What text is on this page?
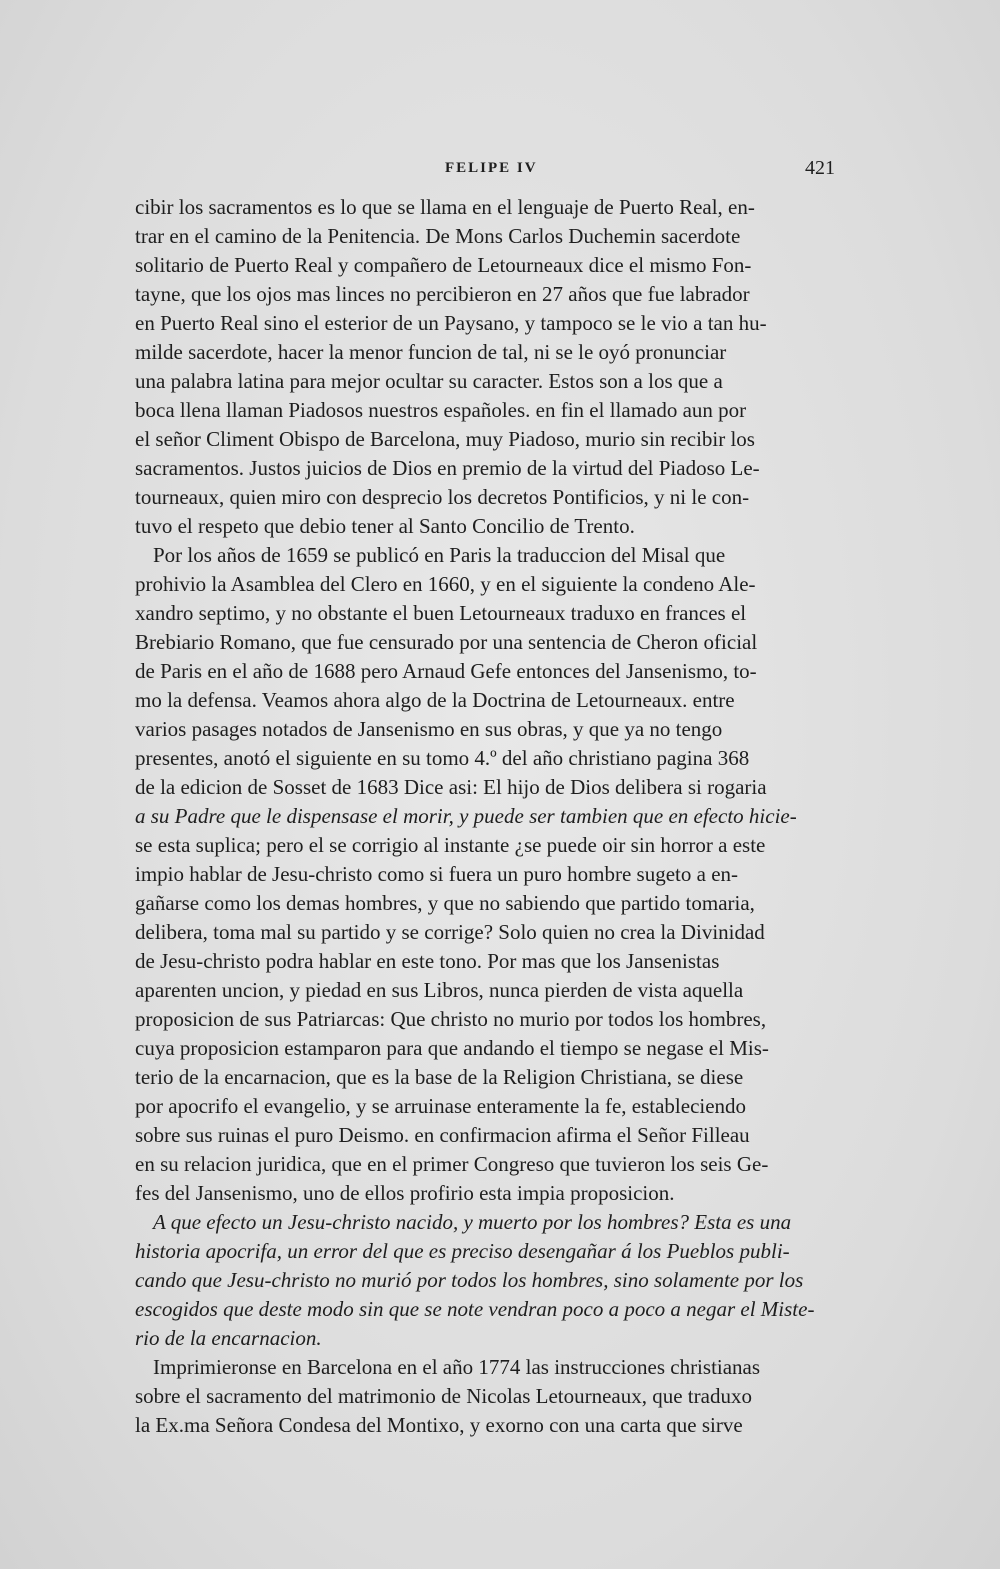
FELIPE IV	421
cibir los sacramentos es lo que se llama en el lenguaje de Puerto Real, en-
trar en el camino de la Penitencia. De Mons Carlos Duchemin sacerdote
solitario de Puerto Real y compañero de Letourneaux dice el mismo Fon-
tayne, que los ojos mas linces no percibieron en 27 años que fue labrador
en Puerto Real sino el esterior de un Paysano, y tampoco se le vio a tan hu-
milde sacerdote, hacer la menor funcion de tal, ni se le oyó pronunciar
una palabra latina para mejor ocultar su caracter. Estos son a los que a
boca llena llaman Piadosos nuestros españoles. en fin el llamado aun por
el señor Climent Obispo de Barcelona, muy Piadoso, murio sin recibir los
sacramentos. Justos juicios de Dios en premio de la virtud del Piadoso Le-
tourneaux, quien miro con desprecio los decretos Pontificios, y ni le con-
tuvo el respeto que debio tener al Santo Concilio de Trento.
Por los años de 1659 se publicó en Paris la traduccion del Misal que
prohivio la Asamblea del Clero en 1660, y en el siguiente la condeno Ale-
xandro septimo, y no obstante el buen Letourneaux traduxo en frances el
Brebiario Romano, que fue censurado por una sentencia de Cheron oficial
de Paris en el año de 1688 pero Arnaud Gefe entonces del Jansenismo, to-
mo la defensa. Veamos ahora algo de la Doctrina de Letourneaux. entre
varios pasages notados de Jansenismo en sus obras, y que ya no tengo
presentes, anotó el siguiente en su tomo 4.º del año christiano pagina 368
de la edicion de Sosset de 1683 Dice asi: El hijo de Dios delibera si rogaria
a su Padre que le dispensase el morir, y puede ser tambien que en efecto hicie-
se esta suplica; pero el se corrigio al instante ¿se puede oir sin horror a este
impio hablar de Jesu-christo como si fuera un puro hombre sugeto a en-
gañarse como los demas hombres, y que no sabiendo que partido tomaria,
delibera, toma mal su partido y se corrige? Solo quien no crea la Divinidad
de Jesu-christo podra hablar en este tono. Por mas que los Jansenistas
aparenten uncion, y piedad en sus Libros, nunca pierden de vista aquella
proposicion de sus Patriarcas: Que christo no murio por todos los hombres,
cuya proposicion estamparon para que andando el tiempo se negase el Mis-
terio de la encarnacion, que es la base de la Religion Christiana, se diese
por apocrifo el evangelio, y se arruinase enteramente la fe, estableciendo
sobre sus ruinas el puro Deismo. en confirmacion afirma el Señor Filleau
en su relacion juridica, que en el primer Congreso que tuvieron los seis Ge-
fes del Jansenismo, uno de ellos profirio esta impia proposicion.
A que efecto un Jesu-christo nacido, y muerto por los hombres? Esta es una
historia apocrifa, un error del que es preciso desengañar á los Pueblos publi-
cando que Jesu-christo no murió por todos los hombres, sino solamente por los
escogidos que deste modo sin que se note vendran poco a poco a negar el Miste-
rio de la encarnacion.
Imprimieronse en Barcelona en el año 1774 las instrucciones christianas
sobre el sacramento del matrimonio de Nicolas Letourneaux, que traduxo
la Ex.ma Señora Condesa del Montixo, y exorno con una carta que sirve
